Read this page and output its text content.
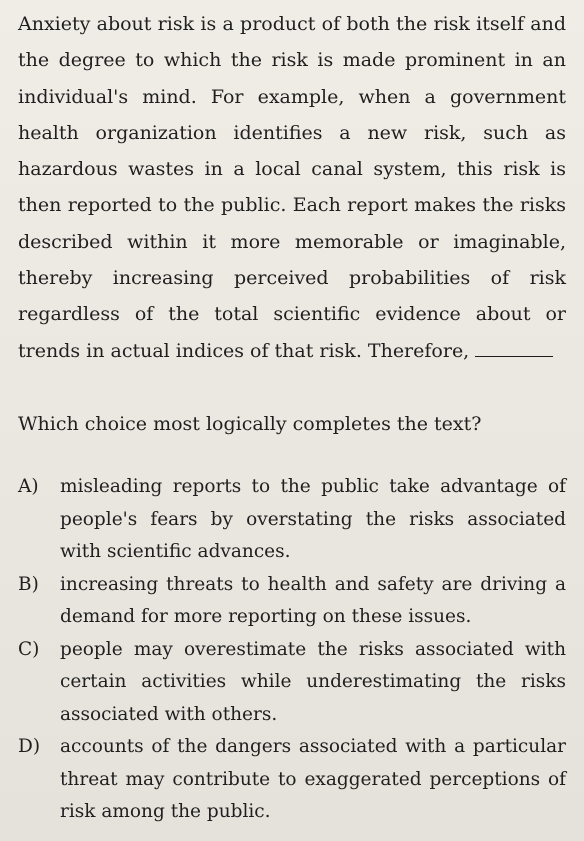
Anxiety about risk is a product of both the risk itself and the degree to which the risk is made prominent in an individual's mind. For example, when a government health organization identifies a new risk, such as hazardous wastes in a local canal system, this risk is then reported to the public. Each report makes the risks described within it more memorable or imaginable, thereby increasing perceived probabilities of risk regardless of the total scientific evidence about or trends in actual indices of that risk. Therefore,

Which choice most logically completes the text?

A)	misleading reports to the public take advantage of people's fears by overstating the risks associated with scientific advances.
B)	increasing threats to health and safety are driving a demand for more reporting on these issues.
C)	people may overestimate the risks associated with certain activities while underestimating the risks associated with others.
D)	accounts of the dangers associated with a particular threat may contribute to exaggerated perceptions of risk among the public.
